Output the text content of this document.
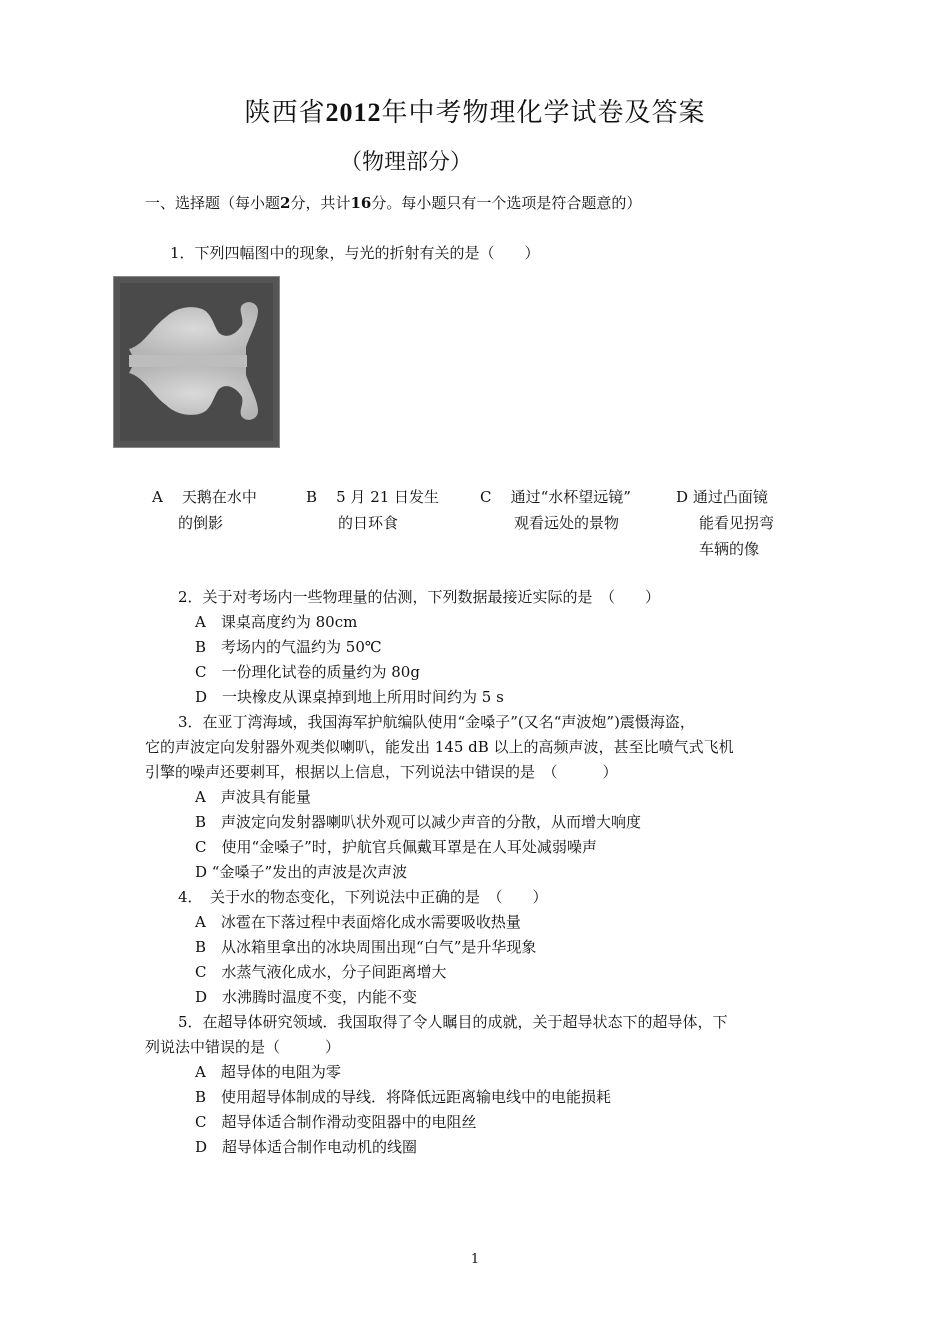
陕西省2012年中考物理化学试卷及答案
（物理部分）
一、选择题（每小题2分，共计16分。每小题只有一个选项是符合题意的）
1．下列四幅图中的现象，与光的折射有关的是（　　）
A 天鹅在水中
的倒影
B 5 月 21 日发生
的日环食
C 通过“水杯望远镜”
观看远处的景物
D 通过凸面镜
能看见拐弯
车辆的像
2．关于对考场内一些物理量的估测，下列数据最接近实际的是　（　　）
A　课桌高度约为 80cm
B　考场内的气温约为 50℃
C　一份理化试卷的质量约为 80g
D　一块橡皮从课桌掉到地上所用时间约为 5 s
3．在亚丁湾海域，我国海军护航编队使用“金嗓子”(又名“声波炮”)震慑海盗，
它的声波定向发射器外观类似喇叭，能发出 145 dB 以上的高频声波，甚至比喷气式飞机
引擎的噪声还要刺耳，根据以上信息，下列说法中错误的是　（　　　）
A　声波具有能量
B　声波定向发射器喇叭状外观可以减少声音的分散，从而增大响度
C　使用“金嗓子”时，护航官兵佩戴耳罩是在人耳处减弱噪声
D “金嗓子”发出的声波是次声波
4．　关于水的物态变化，下列说法中正确的是　（　　）
A　冰雹在下落过程中表面熔化成水需要吸收热量
B　从冰箱里拿出的冰块周围出现“白气”是升华现象
C　水蒸气液化成水，分子间距离增大
D　水沸腾时温度不变，内能不变
5．在超导体研究领域．我国取得了令人瞩目的成就，关于超导状态下的超导体，下
列说法中错误的是（　　　）
A　超导体的电阻为零
B　使用超导体制成的导线．将降低远距离输电线中的电能损耗
C　超导体适合制作滑动变阻器中的电阻丝
D　超导体适合制作电动机的线圈
1
